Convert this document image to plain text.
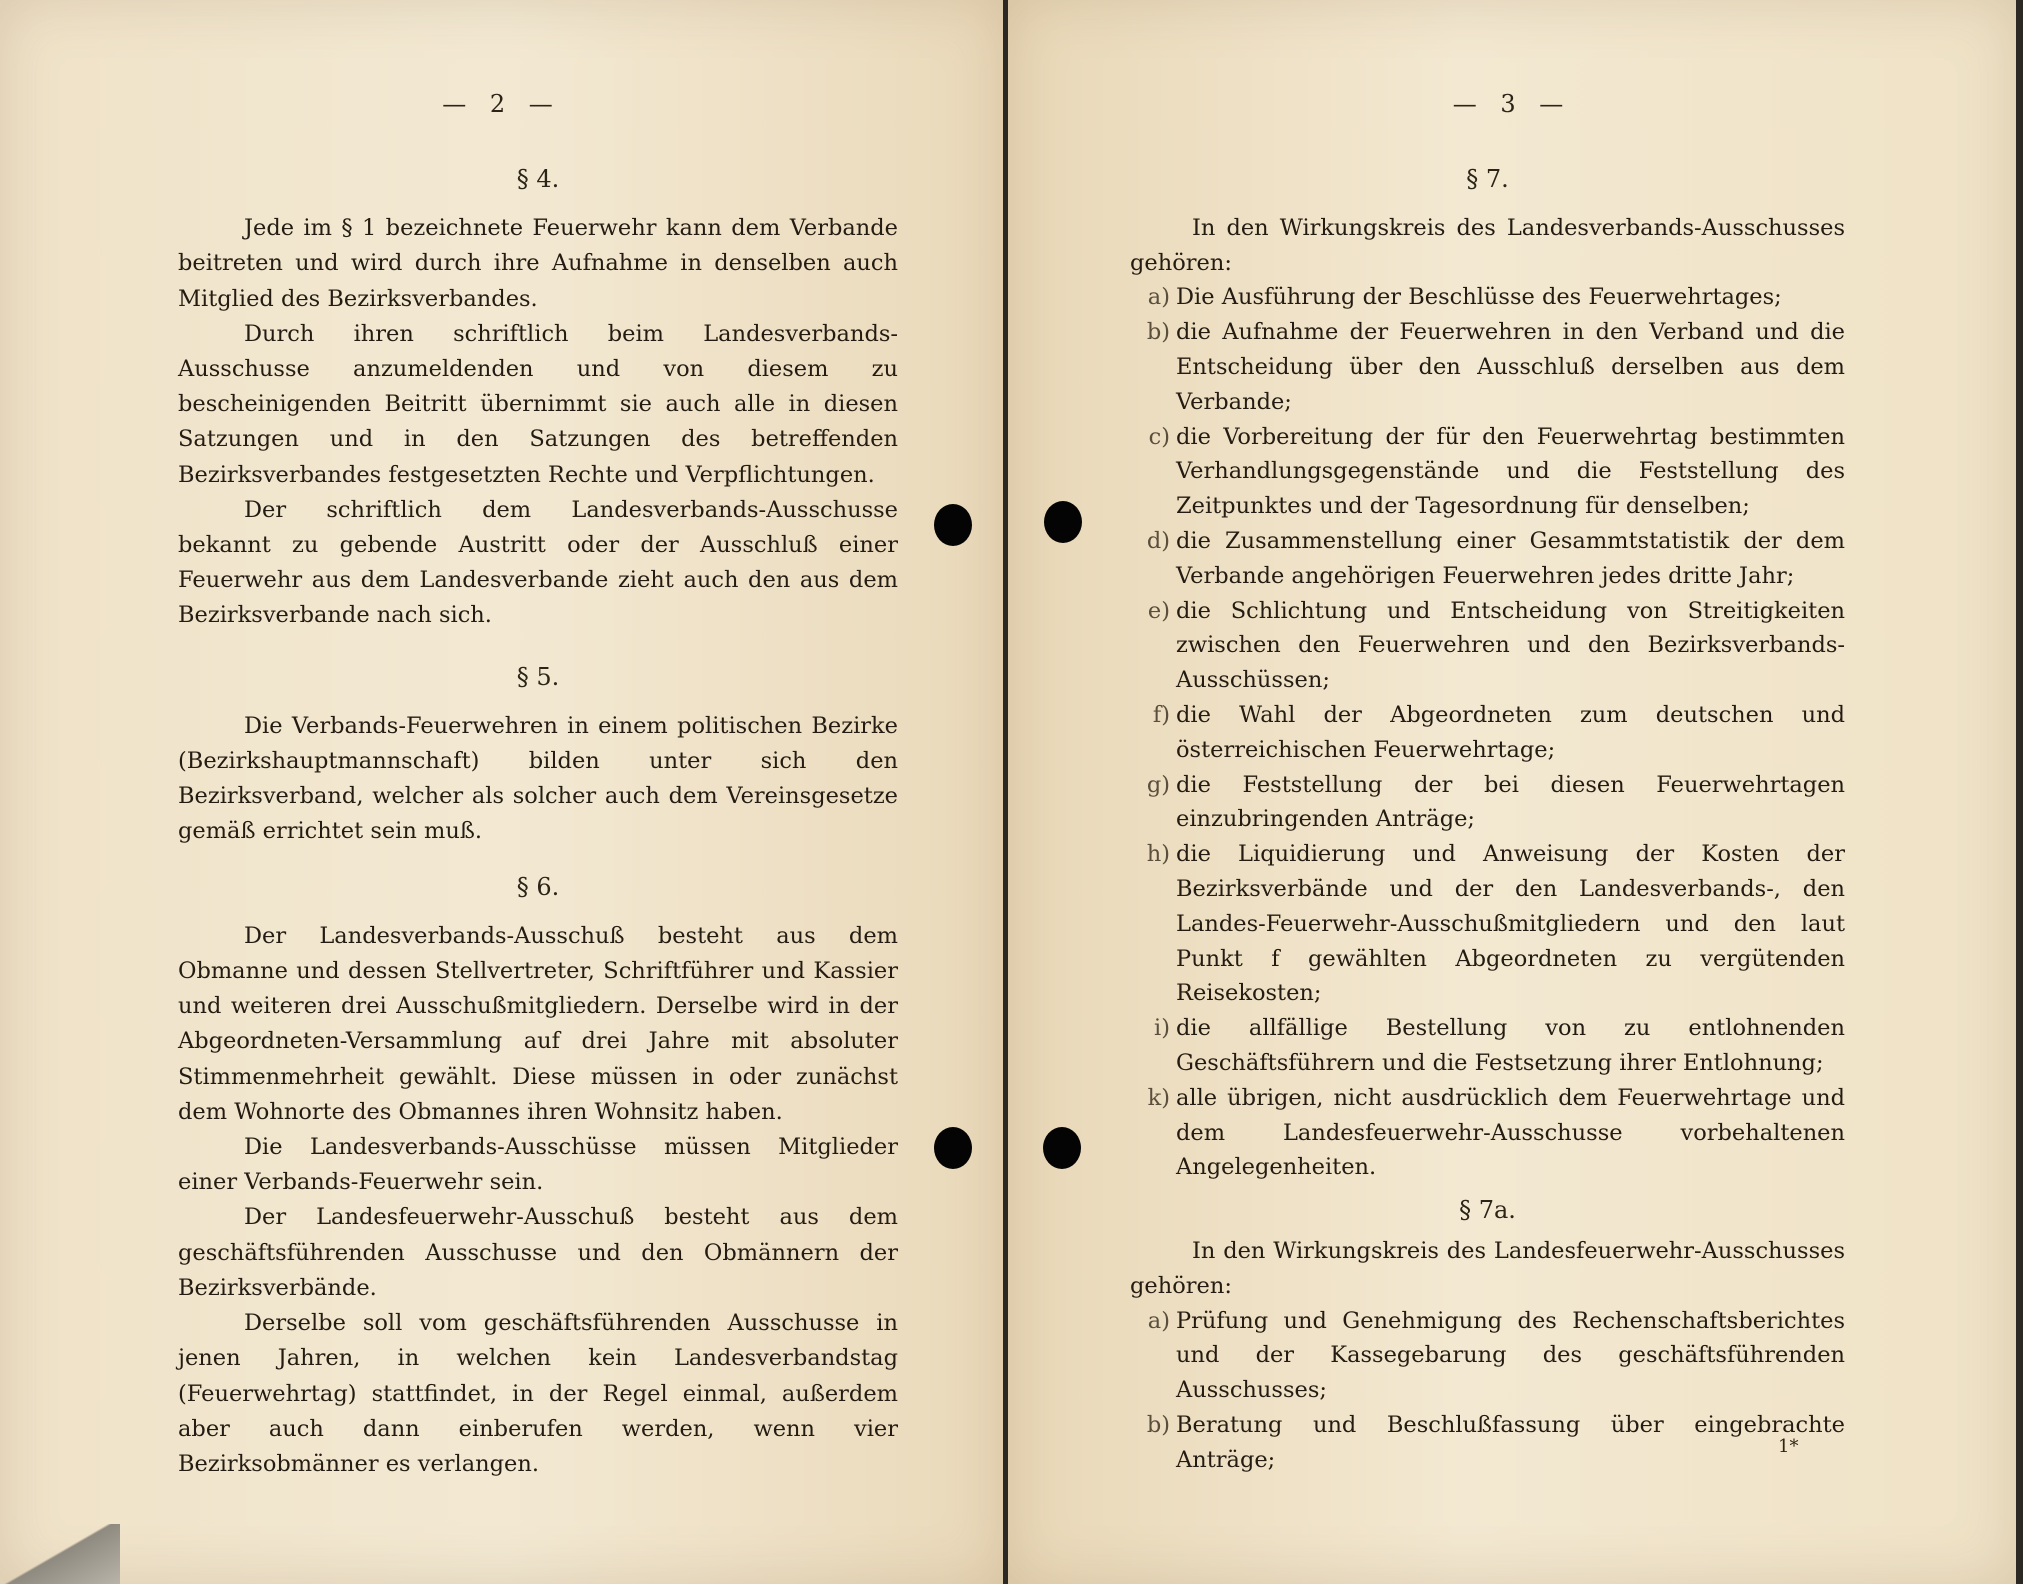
— 2 —
§ 4.

Jede im § 1 bezeichnete Feuerwehr kann dem Verbande beitreten und wird durch ihre Aufnahme in denselben auch Mitglied des Bezirksverbandes.

Durch ihren schriftlich beim Landesverbands-Ausschusse anzumeldenden und von diesem zu bescheinigenden Beitritt übernimmt sie auch alle in diesen Satzungen und in den Satzungen des betreffenden Bezirksverbandes festgesetzten Rechte und Verpflichtungen.

Der schriftlich dem Landesverbands-Ausschusse bekannt zu gebende Austritt oder der Ausschluß einer Feuerwehr aus dem Landesverbande zieht auch den aus dem Bezirksverbande nach sich.

§ 5.

Die Verbands-Feuerwehren in einem politischen Bezirke (Bezirkshauptmannschaft) bilden unter sich den Bezirksverband, welcher als solcher auch dem Vereinsgesetze gemäß errichtet sein muß.

§ 6.

Der Landesverbands-Ausschuß besteht aus dem Obmanne und dessen Stellvertreter, Schriftführer und Kassier und weiteren drei Ausschußmitgliedern. Derselbe wird in der Abgeordneten-Versammlung auf drei Jahre mit absoluter Stimmenmehrheit gewählt. Diese müssen in oder zunächst dem Wohnorte des Obmannes ihren Wohnsitz haben.

Die Landesverbands-Ausschüsse müssen Mitglieder einer Verbands-Feuerwehr sein.

Der Landesfeuerwehr-Ausschuß besteht aus dem geschäftsführenden Ausschusse und den Obmännern der Bezirksverbände.

Derselbe soll vom geschäftsführenden Ausschusse in jenen Jahren, in welchen kein Landesverbandstag (Feuerwehrtag) stattfindet, in der Regel einmal, außerdem aber auch dann einberufen werden, wenn vier Bezirksobmänner es verlangen.

— 3 —
§ 7.

In den Wirkungskreis des Landesverbands-Ausschusses gehören:

a) Die Ausführung der Beschlüsse des Feuerwehrtages;
b) die Aufnahme der Feuerwehren in den Verband und die Entscheidung über den Ausschluß derselben aus dem Verbande;
c) die Vorbereitung der für den Feuerwehrtag bestimmten Verhandlungsgegenstände und die Feststellung des Zeitpunktes und der Tagesordnung für denselben;
d) die Zusammenstellung einer Gesammtstatistik der dem Verbande angehörigen Feuerwehren jedes dritte Jahr;
e) die Schlichtung und Entscheidung von Streitigkeiten zwischen den Feuerwehren und den Bezirksverbands-Ausschüssen;
f) die Wahl der Abgeordneten zum deutschen und österreichischen Feuerwehrtage;
g) die Feststellung der bei diesen Feuerwehrtagen einzubringenden Anträge;
h) die Liquidierung und Anweisung der Kosten der Bezirksverbände und der den Landesverbands-, den Landes-Feuerwehr-Ausschußmitgliedern und den laut Punkt f gewählten Abgeordneten zu vergütenden Reisekosten;
i) die allfällige Bestellung von zu entlohnenden Geschäftsführern und die Festsetzung ihrer Entlohnung;
k) alle übrigen, nicht ausdrücklich dem Feuerwehrtage und dem Landesfeuerwehr-Ausschusse vorbehaltenen Angelegenheiten.
§ 7a.

In den Wirkungskreis des Landesfeuerwehr-Ausschusses gehören:

a) Prüfung und Genehmigung des Rechenschaftsberichtes und der Kassegebarung des geschäftsführenden Ausschusses;
b) Beratung und Beschlußfassung über eingebrachte Anträge;
1*
